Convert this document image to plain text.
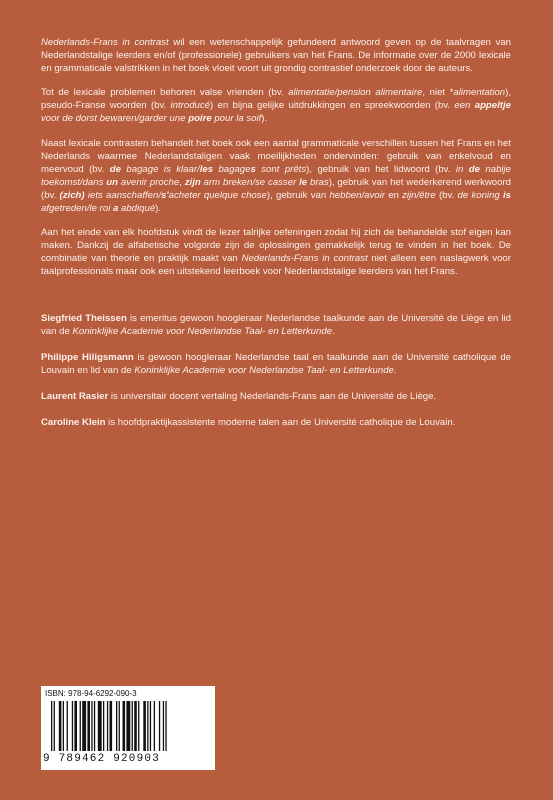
Nederlands-Frans in contrast wil een wetenschappelijk gefundeerd antwoord geven op de taalvragen van Nederlandstalige leerders en/of (professionele) gebruikers van het Frans. De informatie over de 2000 lexicale en grammaticale valstrikken in het boek vloeit voort uit grondig contrastief onderzoek door de auteurs.

Tot de lexicale problemen behoren valse vrienden (bv. alimentatie/pension alimentaire, niet *alimentation), pseudo-Franse woorden (bv. introducé) en bijna gelijke uitdrukkingen en spreekwoorden (bv. een appeltje voor de dorst bewaren/garder une poire pour la soif).

Naast lexicale contrasten behandelt het boek ook een aantal grammaticale verschillen tussen het Frans en het Nederlands waarmee Nederlandstaligen vaak moeilijkheden ondervinden: gebruik van enkelvoud en meervoud (bv. de bagage is klaar/les bagages sont prêts), gebruik van het lidwoord (bv. in de nabije toekomst/dans un avenir proche, zijn arm breken/se casser le bras), gebruik van het wederkerend werkwoord (bv. (zich) iets aanschaffen/s'acheter quelque chose), gebruik van hebben/avoir en zijn/être (bv. de koning is afgetreden/le roi a abdiqué).

Aan het einde van elk hoofdstuk vindt de lezer talrijke oefeningen zodat hij zich de behandelde stof eigen kan maken. Dankzij de alfabetische volgorde zijn de oplossingen gemakkelijk terug te vinden in het boek. De combinatie van theorie en praktijk maakt van Nederlands-Frans in contrast niet alleen een naslagwerk voor taalprofessionals maar ook een uitstekend leerboek voor Nederlandstalige leerders van het Frans.

Siegfried Theissen is emeritus gewoon hoogleraar Nederlandse taalkunde aan de Université de Liège en lid van de Koninklijke Academie voor Nederlandse Taal- en Letterkunde.

Philippe Hiligsmann is gewoon hoogleraar Nederlandse taal en taalkunde aan de Université catholique de Louvain en lid van de Koninklijke Academie voor Nederlandse Taal- en Letterkunde.

Laurent Rasier is universitair docent vertaling Nederlands-Frans aan de Université de Liège.

Caroline Klein is hoofdpraktijkassistente moderne talen aan de Université catholique de Louvain.

ISBN: 978-94-6292-090-3
9 789462 920903
